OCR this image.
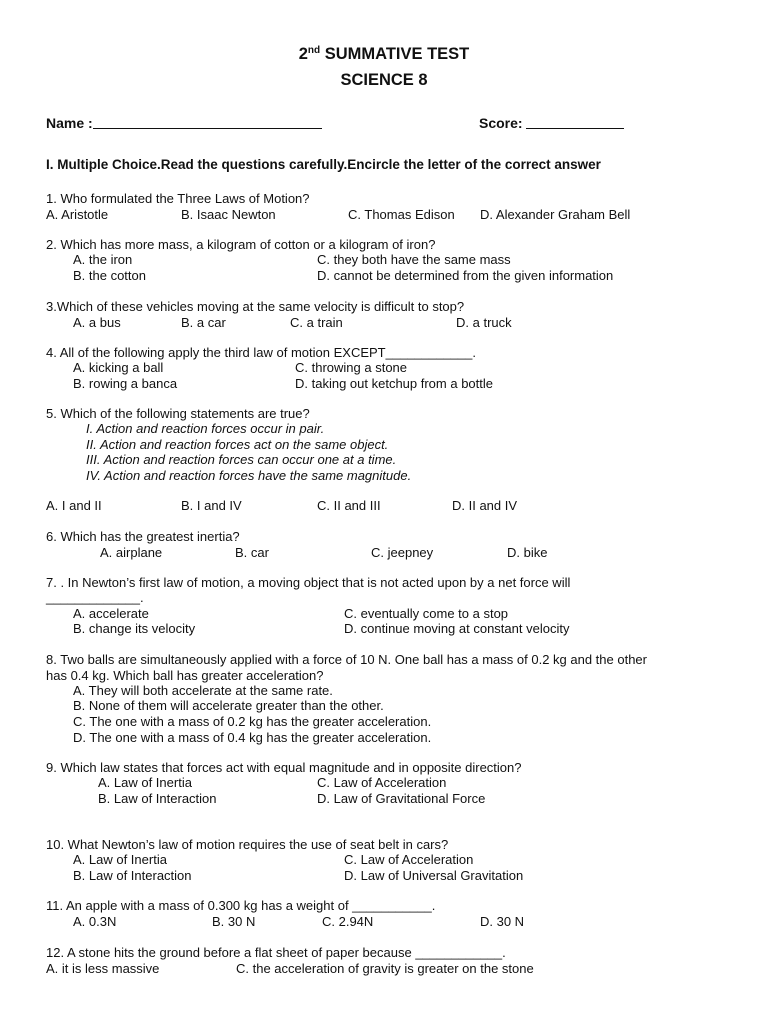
2nd SUMMATIVE TEST
SCIENCE 8
Name :	Score:
I. Multiple Choice.Read the questions carefully.Encircle the letter of the correct answer
1. Who formulated the Three Laws of Motion?
A. Aristotle	B. Isaac Newton	C. Thomas Edison D. Alexander Graham Bell
2. Which has more mass, a kilogram of cotton or a kilogram of iron?
A. the iron	C. they both have the same mass
B. the cotton	D. cannot be determined from the given information
3.Which of these vehicles moving at the same velocity is difficult to stop?
A. a bus	B. a car	C. a train	D. a truck
4. All of the following apply the third law of motion EXCEPT____________.
A. kicking a ball	C. throwing a stone
B. rowing a banca	D. taking out ketchup from a bottle
5. Which of the following statements are true?
I. Action and reaction forces occur in pair.
II. Action and reaction forces act on the same object.
III. Action and reaction forces can occur one at a time.
IV. Action and reaction forces have the same magnitude.
A. I and II	B. I and IV	C. II and III	D. II and IV
6. Which has the greatest inertia?
A. airplane	B. car	C. jeepney	D. bike
7. . In Newton’s first law of motion, a moving object that is not acted upon by a net force will
_____________.
A. accelerate	C. eventually come to a stop
B. change its velocity	D. continue moving at constant velocity
8. Two balls are simultaneously applied with a force of 10 N. One ball has a mass of 0.2 kg and the other
has 0.4 kg. Which ball has greater acceleration?
A. They will both accelerate at the same rate.
B. None of them will accelerate greater than the other.
C. The one with a mass of 0.2 kg has the greater acceleration.
D. The one with a mass of 0.4 kg has the greater acceleration.
9. Which law states that forces act with equal magnitude and in opposite direction?
A. Law of Inertia	C. Law of Acceleration
B. Law of Interaction	D. Law of Gravitational Force
10. What Newton’s law of motion requires the use of seat belt in cars?
A. Law of Inertia	C. Law of Acceleration
B. Law of Interaction	D. Law of Universal Gravitation
11. An apple with a mass of 0.300 kg has a weight of ___________.
A. 0.3N	B. 30 N	C. 2.94N	D. 30 N
12. A stone hits the ground before a flat sheet of paper because ____________.
A. it is less massive	C. the acceleration of gravity is greater on the stone
